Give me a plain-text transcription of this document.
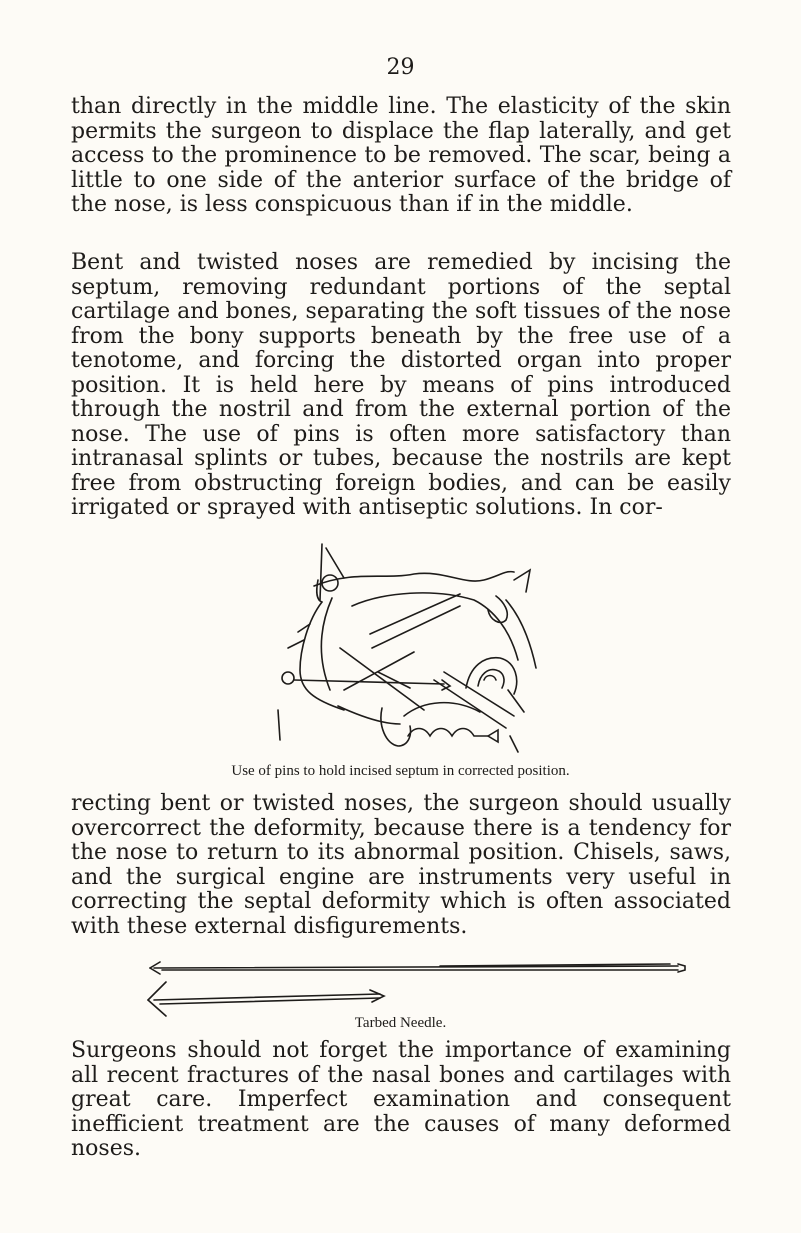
29

than directly in the middle line. The elasticity of the skin permits the surgeon to displace the flap laterally, and get access to the prominence to be removed. The scar, being a little to one side of the anterior surface of the bridge of the nose, is less conspicuous than if in the middle.

Bent and twisted noses are remedied by incising the septum, removing redundant portions of the septal cartilage and bones, separating the soft tissues of the nose from the bony supports beneath by the free use of a tenotome, and forcing the distorted organ into proper position. It is held here by means of pins introduced through the nostril and from the external portion of the nose. The use of pins is often more satisfactory than intranasal splints or tubes, because the nostrils are kept free from obstructing foreign bodies, and can be easily irrigated or sprayed with antiseptic solutions. In cor-

Use of pins to hold incised septum in corrected position.

recting bent or twisted noses, the surgeon should usually overcorrect the deformity, because there is a tendency for the nose to return to its abnormal position. Chisels, saws, and the surgical engine are instruments very useful in correcting the septal deformity which is often associated with these external disfigurements.

Tarbed Needle.

Surgeons should not forget the importance of examining all recent fractures of the nasal bones and cartilages with great care. Imperfect examination and consequent inefficient treatment are the causes of many deformed noses.
